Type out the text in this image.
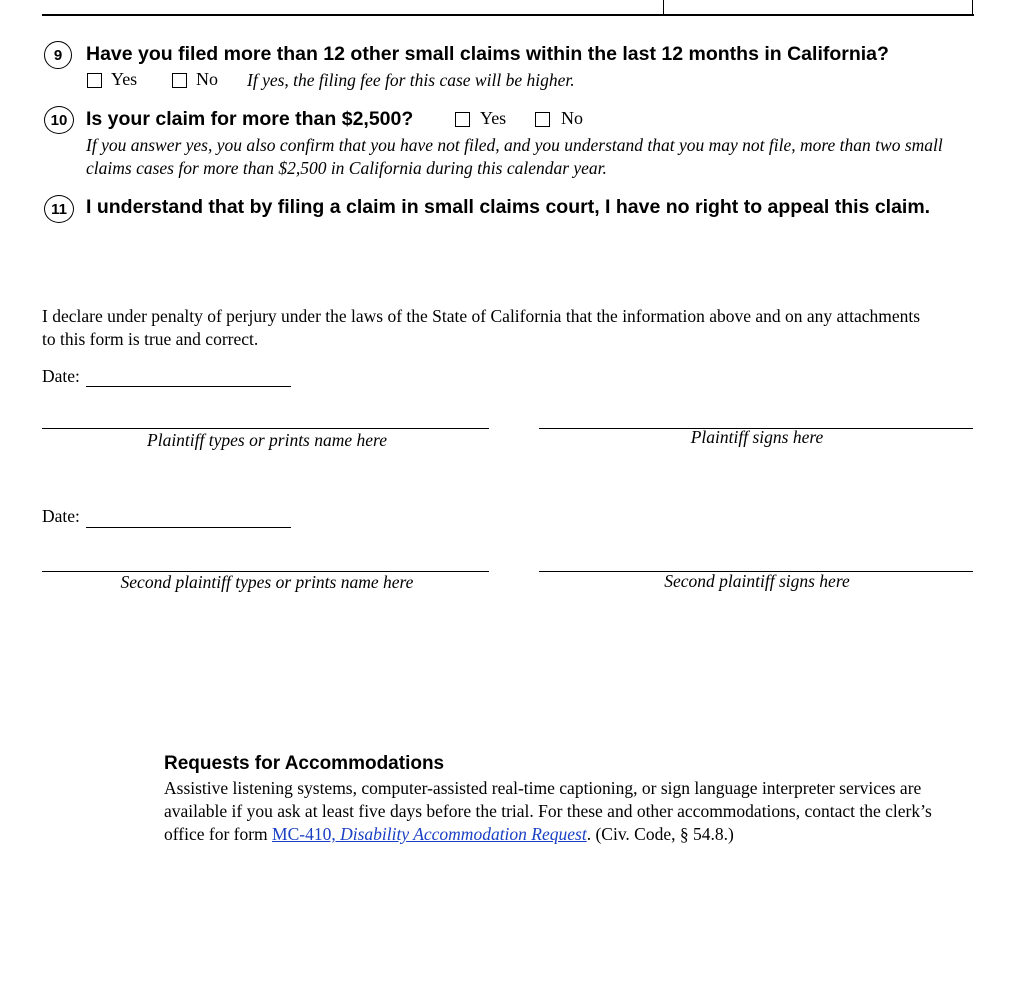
9	Have you filed more than 12 other small claims within the last 12 months in California?
Yes	No If yes, the filing fee for this case will be higher.
10 Is your claim for more than $2,500?	Yes	No
If you answer yes, you also confirm that you have not filed, and you understand that you may not file, more than two small claims cases for more than $2,500 in California during this calendar year.
11 I understand that by filing a claim in small claims court, I have no right to appeal this claim.
I declare under penalty of perjury under the laws of the State of California that the information above and on any attachments to this form is true and correct.
Date:
Plaintiff types or prints name here	Plaintiff signs here
Date:
Second plaintiff types or prints name here	Second plaintiff signs here
Requests for Accommodations
Assistive listening systems, computer-assisted real-time captioning, or sign language interpreter services are available if you ask at least five days before the trial. For these and other accommodations, contact the clerk’s office for form MC-410, Disability Accommodation Request. (Civ. Code, § 54.8.)
